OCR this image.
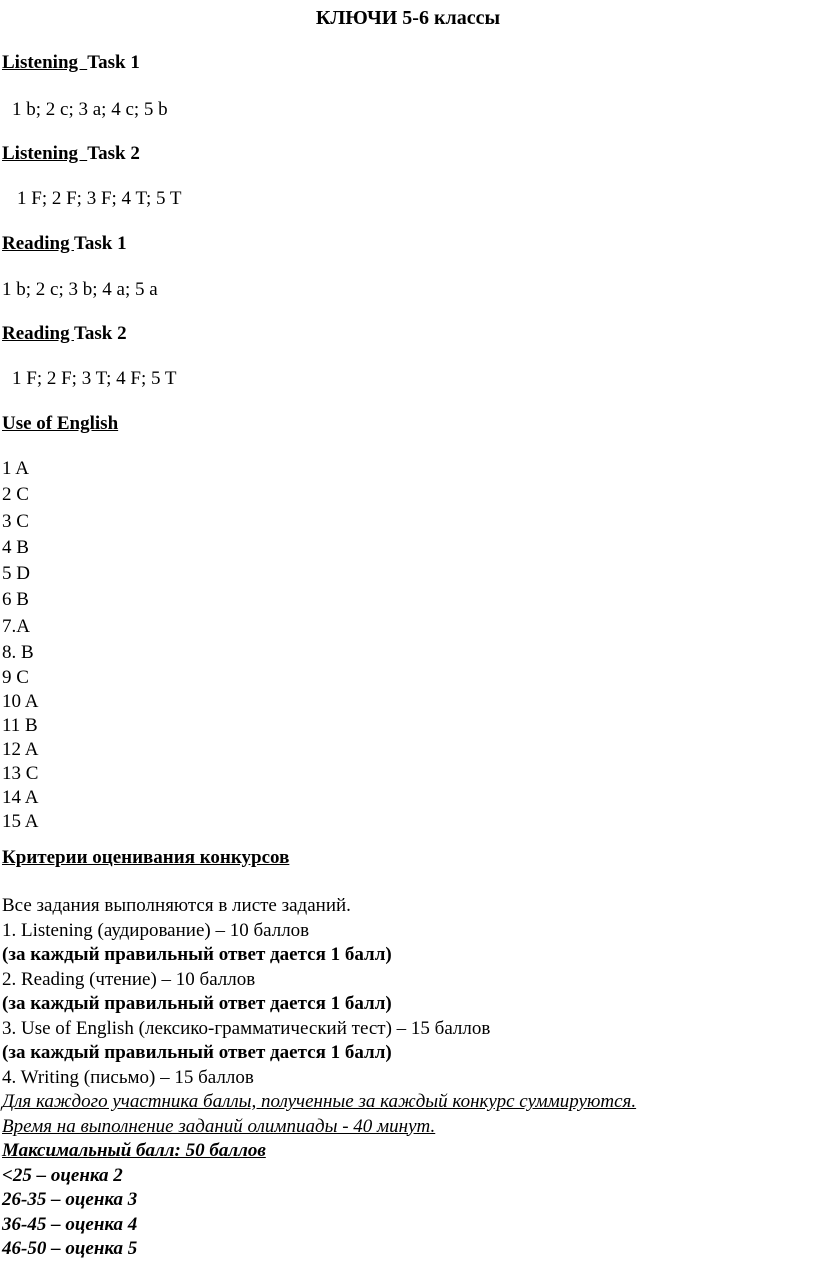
КЛЮЧИ 5-6 классы
Listening  Task 1
1 b; 2 c; 3 a; 4 c; 5 b
Listening  Task 2
1 F; 2 F; 3 F; 4 T; 5 T
Reading Task 1
1 b; 2 c; 3 b; 4 a; 5 a
Reading Task 2
1 F; 2 F; 3 T; 4 F; 5 T
Use of English
1 A
2 C
3 C
4 B
5 D
6 B
7.A
8. B
9 C
10 A
11 B
12 A
13 C
14 A
15 A
Критерии оценивания конкурсов
Все задания выполняются в листе заданий.
1. Listening (аудирование) – 10 баллов
(за каждый правильный ответ дается 1 балл)
2. Reading (чтение) – 10 баллов
(за каждый правильный ответ дается 1 балл)
3. Use of English (лексико-грамматический тест) – 15 баллов
(за каждый правильный ответ дается 1 балл)
4. Writing (письмо) – 15 баллов
Для каждого участника баллы, полученные за каждый конкурс суммируются.
Время на выполнение заданий олимпиады - 40 минут.
Максимальный балл: 50 баллов
<25 – оценка 2
26-35 – оценка 3
36-45 – оценка 4
46-50 – оценка 5
